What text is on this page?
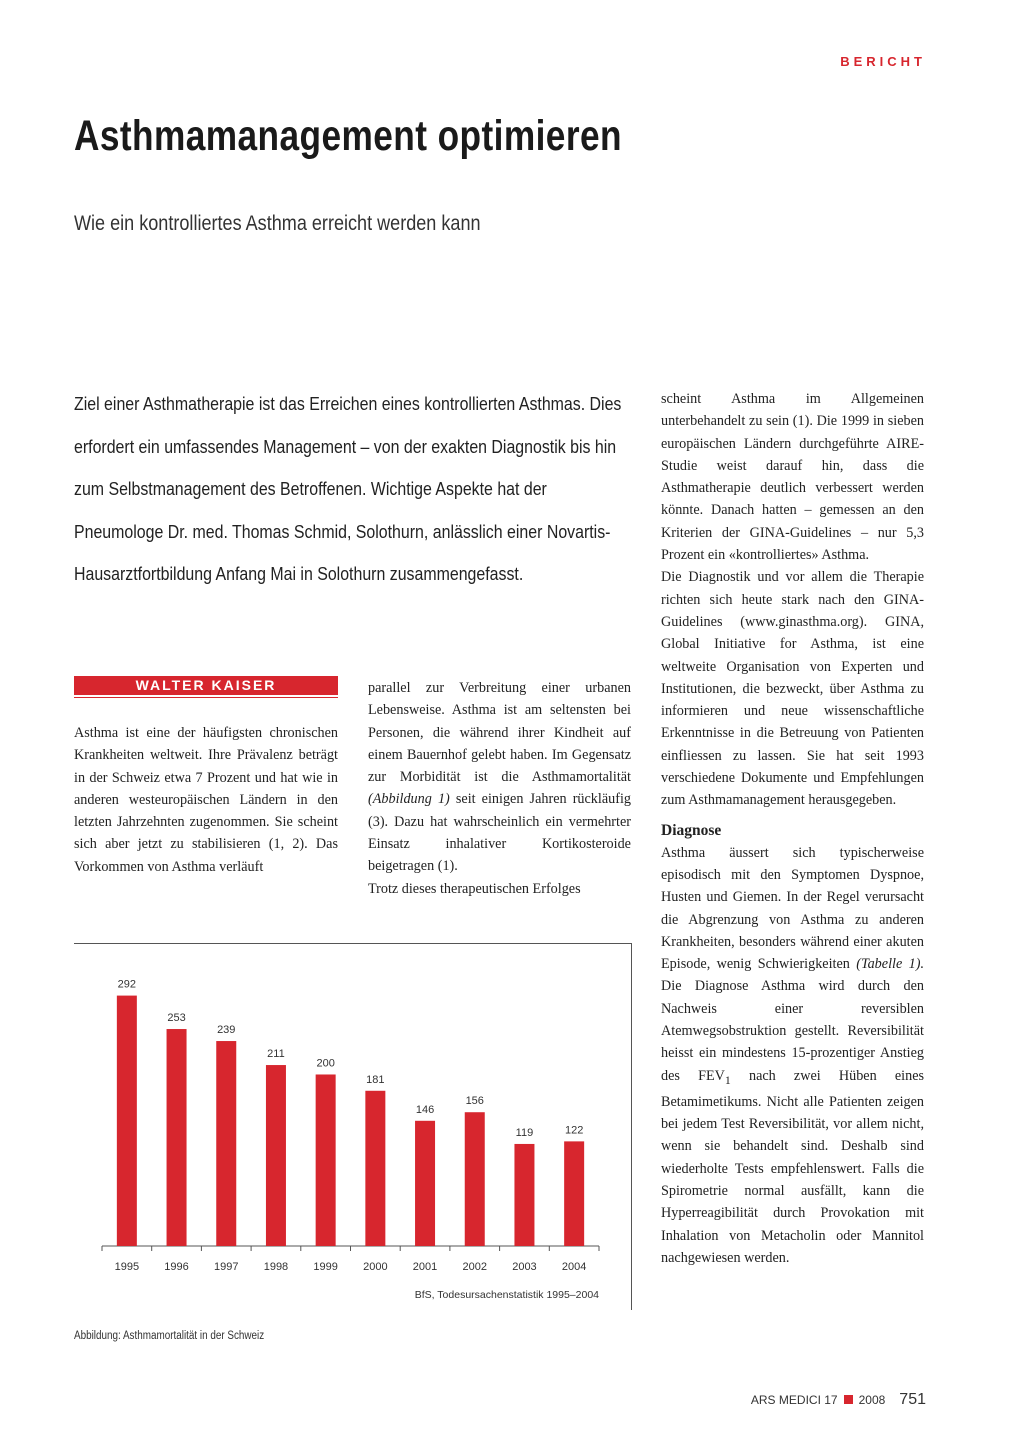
BERICHT
Asthmamanagement optimieren
Wie ein kontrolliertes Asthma erreicht werden kann

Ziel einer Asthmatherapie ist das Erreichen eines kontrollierten Asthmas. Dies erfordert ein umfassendes Management – von der exakten Diagnostik bis hin zum Selbstmanagement des Betroffenen. Wichtige Aspekte hat der Pneumologe Dr. med. Thomas Schmid, Solothurn, anlässlich einer Novartis-Hausarztfortbildung Anfang Mai in Solothurn zusammengefasst.

WALTER KAISER

Asthma ist eine der häufigsten chronischen Krankheiten weltweit. Ihre Prävalenz beträgt in der Schweiz etwa 7 Prozent und hat wie in anderen westeuropäischen Ländern in den letzten Jahrzehnten zugenommen. Sie scheint sich aber jetzt zu stabilisieren (1, 2). Das Vorkommen von Asthma verläuft

parallel zur Verbreitung einer urbanen Lebensweise. Asthma ist am seltensten bei Personen, die während ihrer Kindheit auf einem Bauernhof gelebt haben. Im Gegensatz zur Morbidität ist die Asthmamortalität (Abbildung 1) seit einigen Jahren rückläufig (3). Dazu hat wahrscheinlich ein vermehrter Einsatz inhalativer Kortikosteroide beigetragen (1).

Trotz dieses therapeutischen Erfolges

scheint Asthma im Allgemeinen unterbehandelt zu sein (1). Die 1999 in sieben europäischen Ländern durchgeführte AIRE-Studie weist darauf hin, dass die Asthmatherapie deutlich verbessert werden könnte. Danach hatten – gemessen an den Kriterien der GINA-Guidelines – nur 5,3 Prozent ein «kontrolliertes» Asthma.

Die Diagnostik und vor allem die Therapie richten sich heute stark nach den GINA-Guidelines (www.ginasthma.org). GINA, Global Initiative for Asthma, ist eine weltweite Organisation von Experten und Institutionen, die bezweckt, über Asthma zu informieren und neue wissenschaftliche Erkenntnisse in die Betreuung von Patienten einfliessen zu lassen. Sie hat seit 1993 verschiedene Dokumente und Empfehlungen zum Asthmamanagement herausgegeben.

Diagnose

Asthma äussert sich typischerweise episodisch mit den Symptomen Dyspnoe, Husten und Giemen. In der Regel verursacht die Abgrenzung von Asthma zu anderen Krankheiten, besonders während einer akuten Episode, wenig Schwierigkeiten (Tabelle 1). Die Diagnose Asthma wird durch den Nachweis einer reversiblen Atemwegsobstruktion gestellt. Reversibilität heisst ein mindestens 15-prozentiger Anstieg des $FEV_1$ nach zwei Hüben eines Betamimetikums. Nicht alle Patienten zeigen bei jedem Test Reversibilität, vor allem nicht, wenn sie behandelt sind. Deshalb sind wiederholte Tests empfehlenswert. Falls die Spirometrie normal ausfällt, kann die Hyperreagibilität durch Provokation mit Inhalation von Metacholin oder Mannitol nachgewiesen werden.

292
1995
253
1996
239
1997
211
1998
200
1999
181
2000
146
2001
156
2002
119
2003
122
2004
BfS, Todesursachenstatistik 1995–2004
Abbildung: Asthmamortalität in der Schweiz
ARS MEDICI 17 2008 751
